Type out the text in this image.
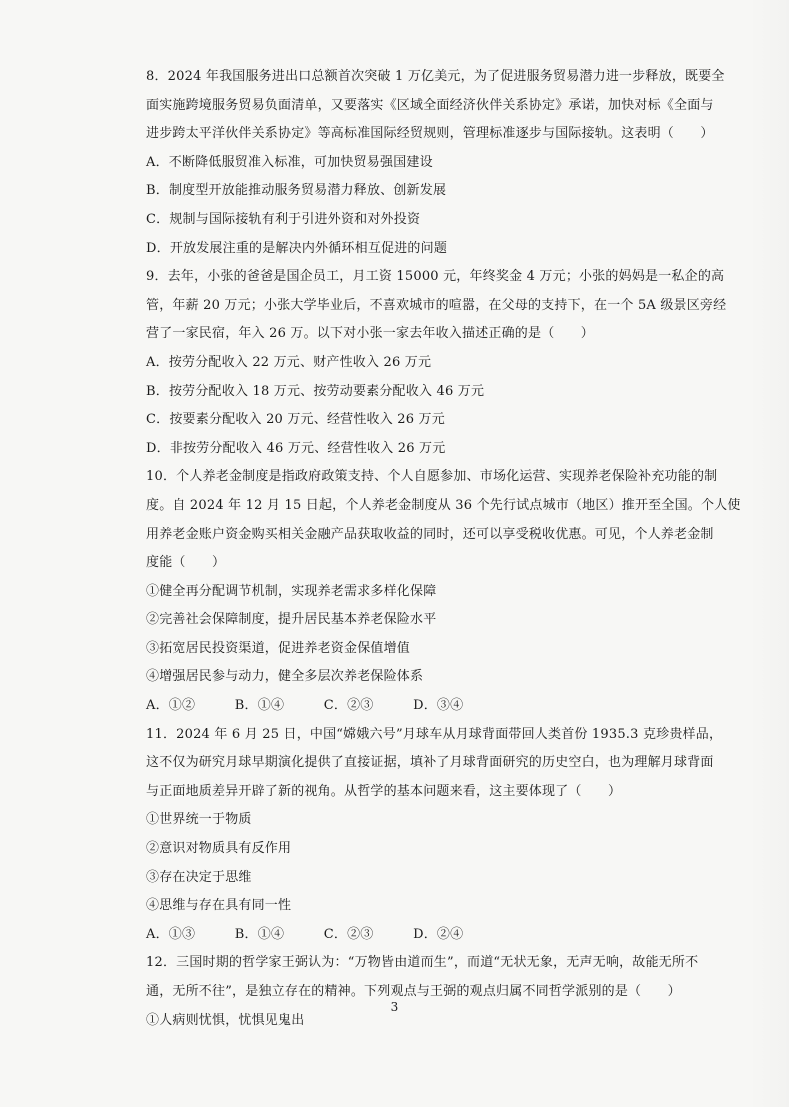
8．2024 年我国服务进出口总额首次突破 1 万亿美元，为了促进服务贸易潜力进一步释放，既要全

面实施跨境服务贸易负面清单，又要落实《区域全面经济伙伴关系协定》承诺，加快对标《全面与

进步跨太平洋伙伴关系协定》等高标准国际经贸规则，管理标准逐步与国际接轨。这表明（　　）

A．不断降低服贸准入标准，可加快贸易强国建设

B．制度型开放能推动服务贸易潜力释放、创新发展

C．规制与国际接轨有利于引进外资和对外投资

D．开放发展注重的是解决内外循环相互促进的问题

9．去年，小张的爸爸是国企员工，月工资 15000 元，年终奖金 4 万元；小张的妈妈是一私企的高

管，年薪 20 万元；小张大学毕业后，不喜欢城市的喧嚣，在父母的支持下，在一个 5A 级景区旁经

营了一家民宿，年入 26 万。以下对小张一家去年收入描述正确的是（　　）

A．按劳分配收入 22 万元、财产性收入 26 万元

B．按劳分配收入 18 万元、按劳动要素分配收入 46 万元

C．按要素分配收入 20 万元、经营性收入 26 万元

D．非按劳分配收入 46 万元、经营性收入 26 万元

10．个人养老金制度是指政府政策支持、个人自愿参加、市场化运营、实现养老保险补充功能的制

度。自 2024 年 12 月 15 日起，个人养老金制度从 36 个先行试点城市（地区）推开至全国。个人使

用养老金账户资金购买相关金融产品获取收益的同时，还可以享受税收优惠。可见，个人养老金制

度能（　　）

①健全再分配调节机制，实现养老需求多样化保障

②完善社会保障制度，提升居民基本养老保险水平

③拓宽居民投资渠道，促进养老资金保值增值

④增强居民参与动力，健全多层次养老保险体系

A．①②　　　B．①④　　　C．②③　　　D．③④

11．2024 年 6 月 25 日，中国“嫦娥六号”月球车从月球背面带回人类首份 1935.3 克珍贵样品，

这不仅为研究月球早期演化提供了直接证据，填补了月球背面研究的历史空白，也为理解月球背面

与正面地质差异开辟了新的视角。从哲学的基本问题来看，这主要体现了（　　）

①世界统一于物质

②意识对物质具有反作用

③存在决定于思维

④思维与存在具有同一性

A．①③　　　B．①④　　　C．②③　　　D．②④

12．三国时期的哲学家王弼认为：“万物皆由道而生”，而道“无状无象，无声无响，故能无所不

通，无所不往”，是独立存在的精神。下列观点与王弼的观点归属不同哲学派别的是（　　）

①人病则忧惧，忧惧见鬼出

3
